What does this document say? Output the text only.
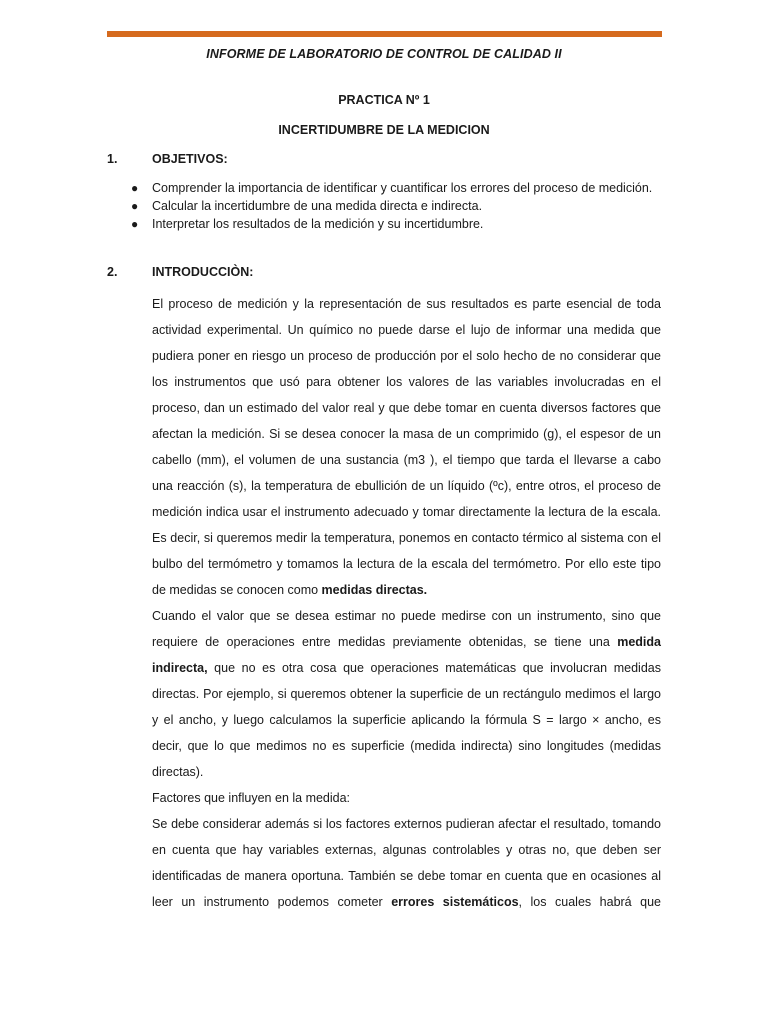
INFORME DE LABORATORIO DE CONTROL DE CALIDAD II
PRACTICA Nº 1
INCERTIDUMBRE DE LA MEDICION
1.	OBJETIVOS:
● Comprender la importancia de identificar y cuantificar los errores del proceso de medición.
● Calcular la incertidumbre de una medida directa e indirecta.
● Interpretar los resultados de la medición y su incertidumbre.
2.	INTRODUCCIÒN:

El proceso de medición y la representación de sus resultados es parte esencial de toda actividad experimental. Un químico no puede darse el lujo de informar una medida que pudiera poner en riesgo un proceso de producción por el solo hecho de no considerar que los instrumentos que usó para obtener los valores de las variables involucradas en el proceso, dan un estimado del valor real y que debe tomar en cuenta diversos factores que afectan la medición. Si se desea conocer la masa de un comprimido (g), el espesor de un cabello (mm), el volumen de una sustancia (m3 ), el tiempo que tarda el llevarse a cabo una reacción (s), la temperatura de ebullición de un líquido (ºc), entre otros, el proceso de medición indica usar el instrumento adecuado y tomar directamente la lectura de la escala. Es decir, si queremos medir la temperatura, ponemos en contacto térmico al sistema con el bulbo del termómetro y tomamos la lectura de la escala del termómetro. Por ello este tipo de medidas se conocen como medidas directas.

Cuando el valor que se desea estimar no puede medirse con un instrumento, sino que requiere de operaciones entre medidas previamente obtenidas, se tiene una medida indirecta, que no es otra cosa que operaciones matemáticas que involucran medidas directas. Por ejemplo, si queremos obtener la superficie de un rectángulo medimos el largo y el ancho, y luego calculamos la superficie aplicando la fórmula S = largo × ancho, es decir, que lo que medimos no es superficie (medida indirecta) sino longitudes (medidas directas).

Factores que influyen en la medida:

Se debe considerar además si los factores externos pudieran afectar el resultado, tomando en cuenta que hay variables externas, algunas controlables y otras no, que deben ser identificadas de manera oportuna. También se debe tomar en cuenta que en ocasiones al leer un instrumento podemos cometer errores sistemáticos, los cuales habrá que
